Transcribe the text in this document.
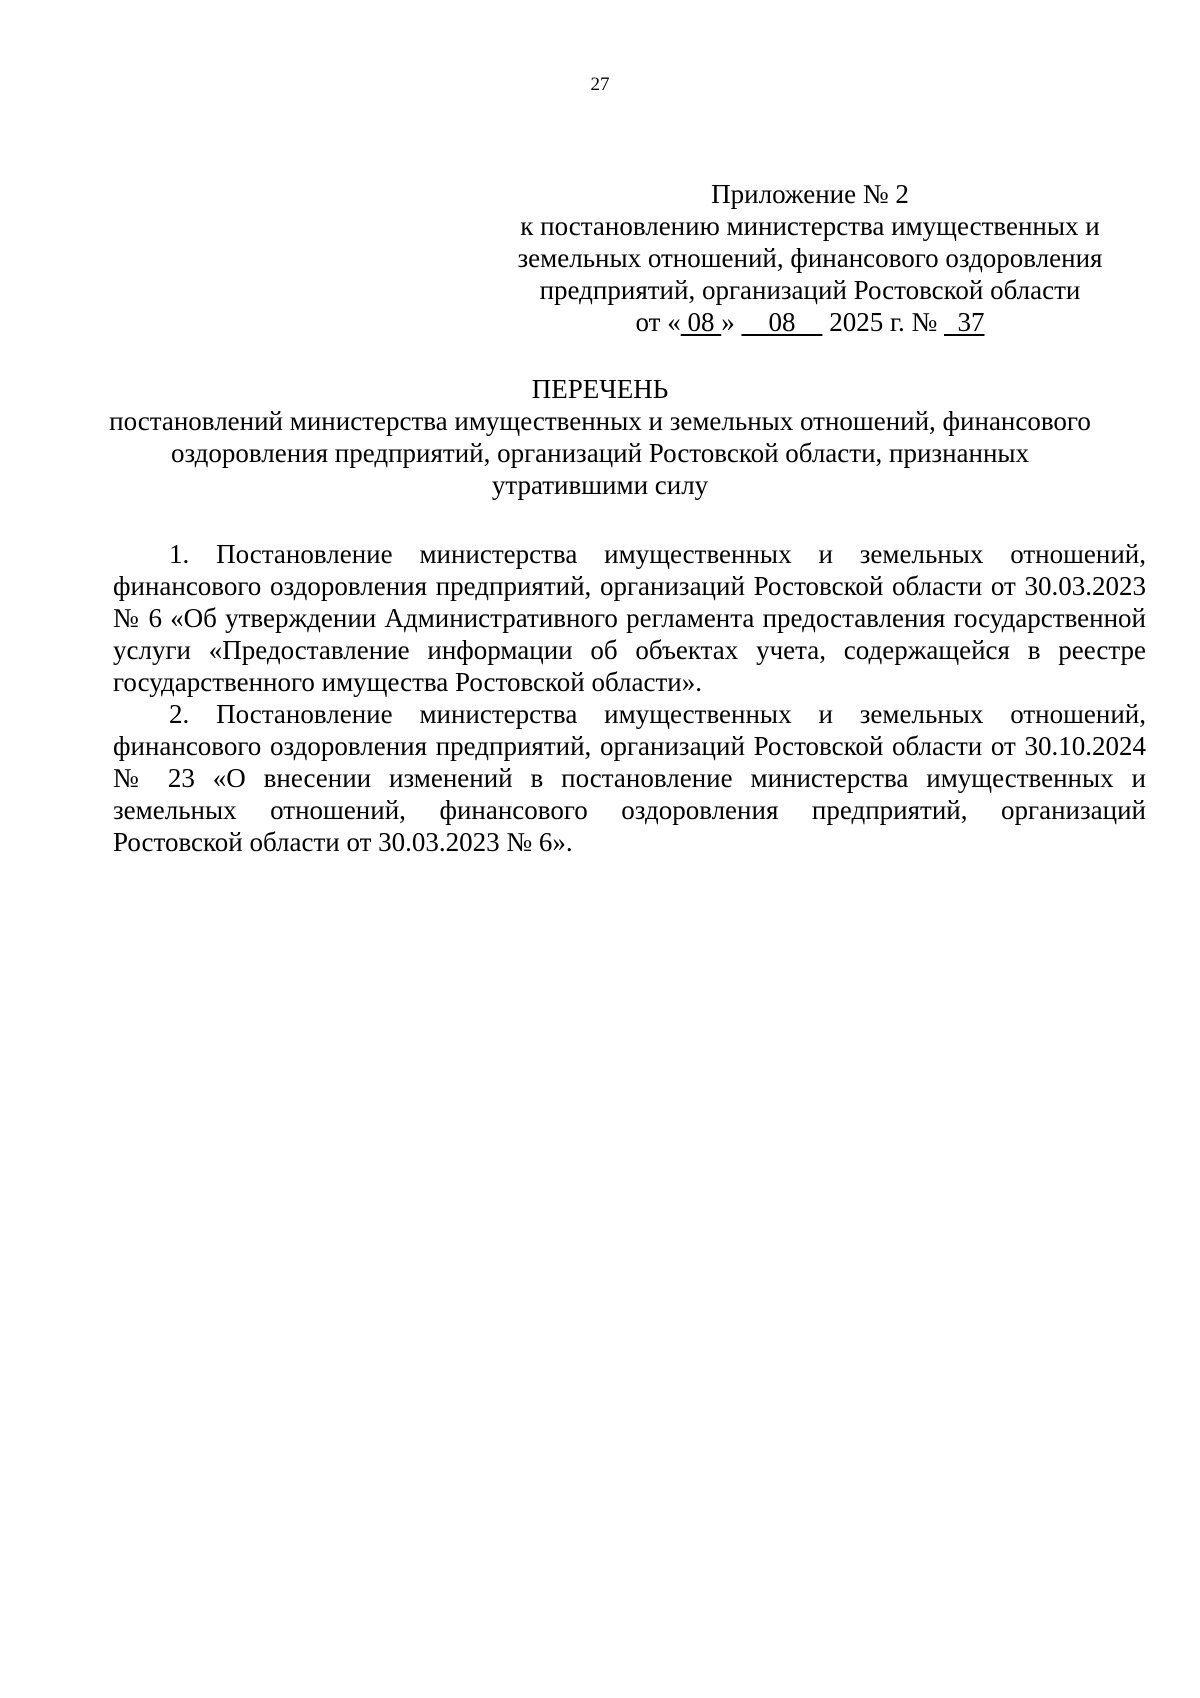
27
Приложение № 2
к постановлению министерства имущественных и
земельных отношений, финансового оздоровления
предприятий, организаций Ростовской области
от « 08 »     08     2025 г. №   37
ПЕРЕЧЕНЬ
постановлений министерства имущественных и земельных отношений, финансового
оздоровления предприятий, организаций Ростовской области, признанных
утратившими силу

1. Постановление министерства имущественных и земельных отношений, финансового оздоровления предприятий, организаций Ростовской области от 30.03.2023 № 6 «Об утверждении Административного регламента предоставления государственной услуги «Предоставление информации об объектах учета, содержащейся в реестре государственного имущества Ростовской области».

2. Постановление министерства имущественных и земельных отношений, финансового оздоровления предприятий, организаций Ростовской области от 30.10.2024 № 23 «О внесении изменений в постановление министерства имущественных и земельных отношений, финансового оздоровления предприятий, организаций Ростовской области от 30.03.2023 № 6».
